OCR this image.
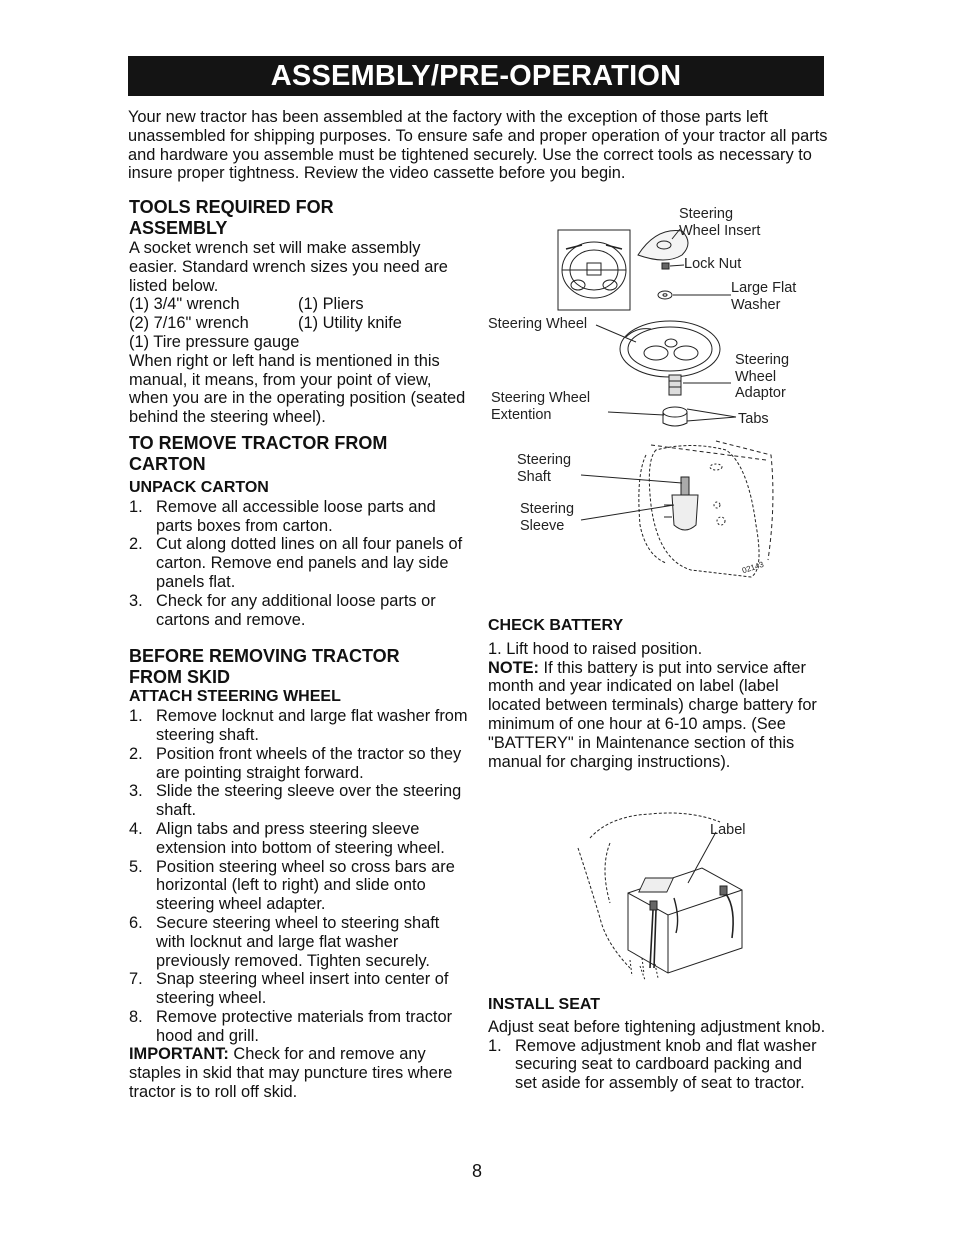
ASSEMBLY/PRE-OPERATION

Your new tractor has been assembled at the factory with the exception of those parts left unassembled for shipping purposes. To ensure safe and proper operation of your tractor all parts and hardware you assemble must be tightened securely. Use the correct tools as necessary to insure proper tightness. Review the video cassette before you begin.

TOOLS REQUIRED FOR
ASSEMBLY

A socket wrench set will make assembly easier. Standard wrench sizes you need are listed below.

(1) 3/4" wrench	(1) Pliers
(2) 7/16" wrench	(1) Utility knife
(1) Tire pressure gauge

When right or left hand is mentioned in this manual, it means, from your point of view, when you are in the operating position (seated behind the steering wheel).

TO REMOVE TRACTOR FROM
CARTON
UNPACK CARTON
1. Remove all accessible loose parts and parts boxes from carton.
2. Cut along dotted lines on all four panels of carton. Remove end panels and lay side panels flat.
3. Check for any additional loose parts or cartons and remove.
BEFORE REMOVING TRACTOR
FROM SKID
ATTACH STEERING WHEEL
1. Remove locknut and large flat washer from steering shaft.
2. Position front wheels of the tractor so they are pointing straight forward.
3. Slide the steering sleeve over the steering shaft.
4. Align tabs and press steering sleeve extension into bottom of steering wheel.
5. Position steering wheel so cross bars are horizontal (left to right) and slide onto steering wheel adapter.
6. Secure steering wheel to steering shaft with locknut and large flat washer previously removed. Tighten securely.
7. Snap steering wheel insert into center of steering wheel.
8. Remove protective materials from tractor hood and grill.

IMPORTANT: Check for and remove any staples in skid that may puncture tires where tractor is to roll off skid.

Steering Wheel Insert
Lock Nut
Large Flat Washer
Steering Wheel
Steering Wheel Adaptor
Steering Wheel Extention	Tabs
Steering Shaft
Steering Sleeve
02143
CHECK BATTERY

1. Lift hood to raised position.

NOTE: If this battery is put into service after month and year indicated on label (label located between terminals) charge battery for minimum of one hour at 6-10 amps. (See "BATTERY" in Maintenance section of this manual for charging instructions).

Label
INSTALL SEAT

Adjust seat before tightening adjustment knob.

1. Remove adjustment knob and flat washer securing seat to cardboard packing and set aside for assembly of seat to tractor.
8
